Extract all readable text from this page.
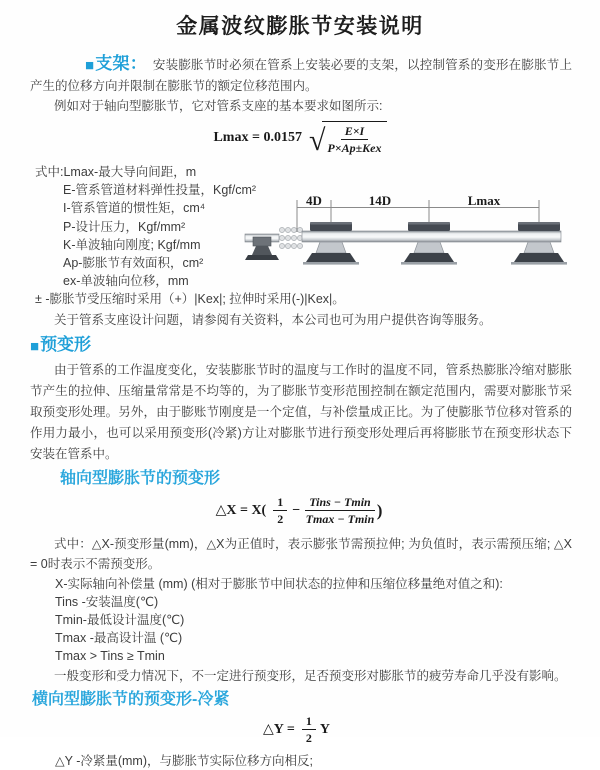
金属波纹膨胀节安装说明

■支架： 安装膨胀节时必须在管系上安装必要的支架，以控制管系的变形在膨胀节上产生的位移方向并限制在膨胀节的额定位移范围内。

例如对于轴向型膨胀节，它对管系支座的基本要求如图所示:

Lmax = 0.0157 √ $\frac{E\times I}{\text{P×Ap±Kex}}$
式中:Lmax-最大导向间距，m
E-管系管道材料弹性投量，Kgf/cm²
I-管系管道的惯性矩，cm⁴
P-设计压力，Kgf/mm²
K-单波轴向刚度; Kgf/mm
Ap-膨胀节有效面积，cm²
ex-单波轴向位移，mm
± -膨胀节受压缩时采用（+）|Kex|; 拉伸时采用(-)|Kex|。

关于管系支座设计问题，请参阅有关资料，本公司也可为用户提供咨询等服务。

4D	14D	Lmax
■预变形

由于管系的工作温度变化，安装膨胀节时的温度与工作时的温度不同，管系热膨胀冷缩对膨胀节产生的拉伸、压缩量常常是不均等的，为了膨胀节变形范围控制在额定范围内，需要对膨胀节采取预变形处理。另外，由于膨账节刚度是一个定值，与补偿量成正比。为了使膨胀节位移对管系的作用力最小，也可以采用预变形(冷紧)方让对膨胀节进行预变形处理后再将膨胀节在预变形状态下安装在管系中。

轴向型膨胀节的预变形
△X = $X( \frac{1}{2} - \frac{\text{Tins − Tmin}}{Tmax - Tmin}$ )

式中：△X-预变形量(mm)，△X为正值时，表示膨张节需预拉伸; 为负值时，表示需预压缩; △X = 0时表示不需预变形。

X-实际轴向补偿量 (mm) (相对于膨胀节中间状态的拉伸和压缩位移量绝对值之和):
Tins -安装温度(℃)
Tmin-最低设计温度(℃)
Tmax -最高设计温 (℃)
Tmax > Tins ≥ Tmin

一般变形和受力情况下，不一定进行预变形，足否预变形对膨胀节的疲劳寿命几乎没有影响。

横向型膨胀节的预变形-冷紧
△Y = $\frac{1}{2}$ Y

△Y -冷紧量(mm)，与膨胀节实际位移方向相反;
